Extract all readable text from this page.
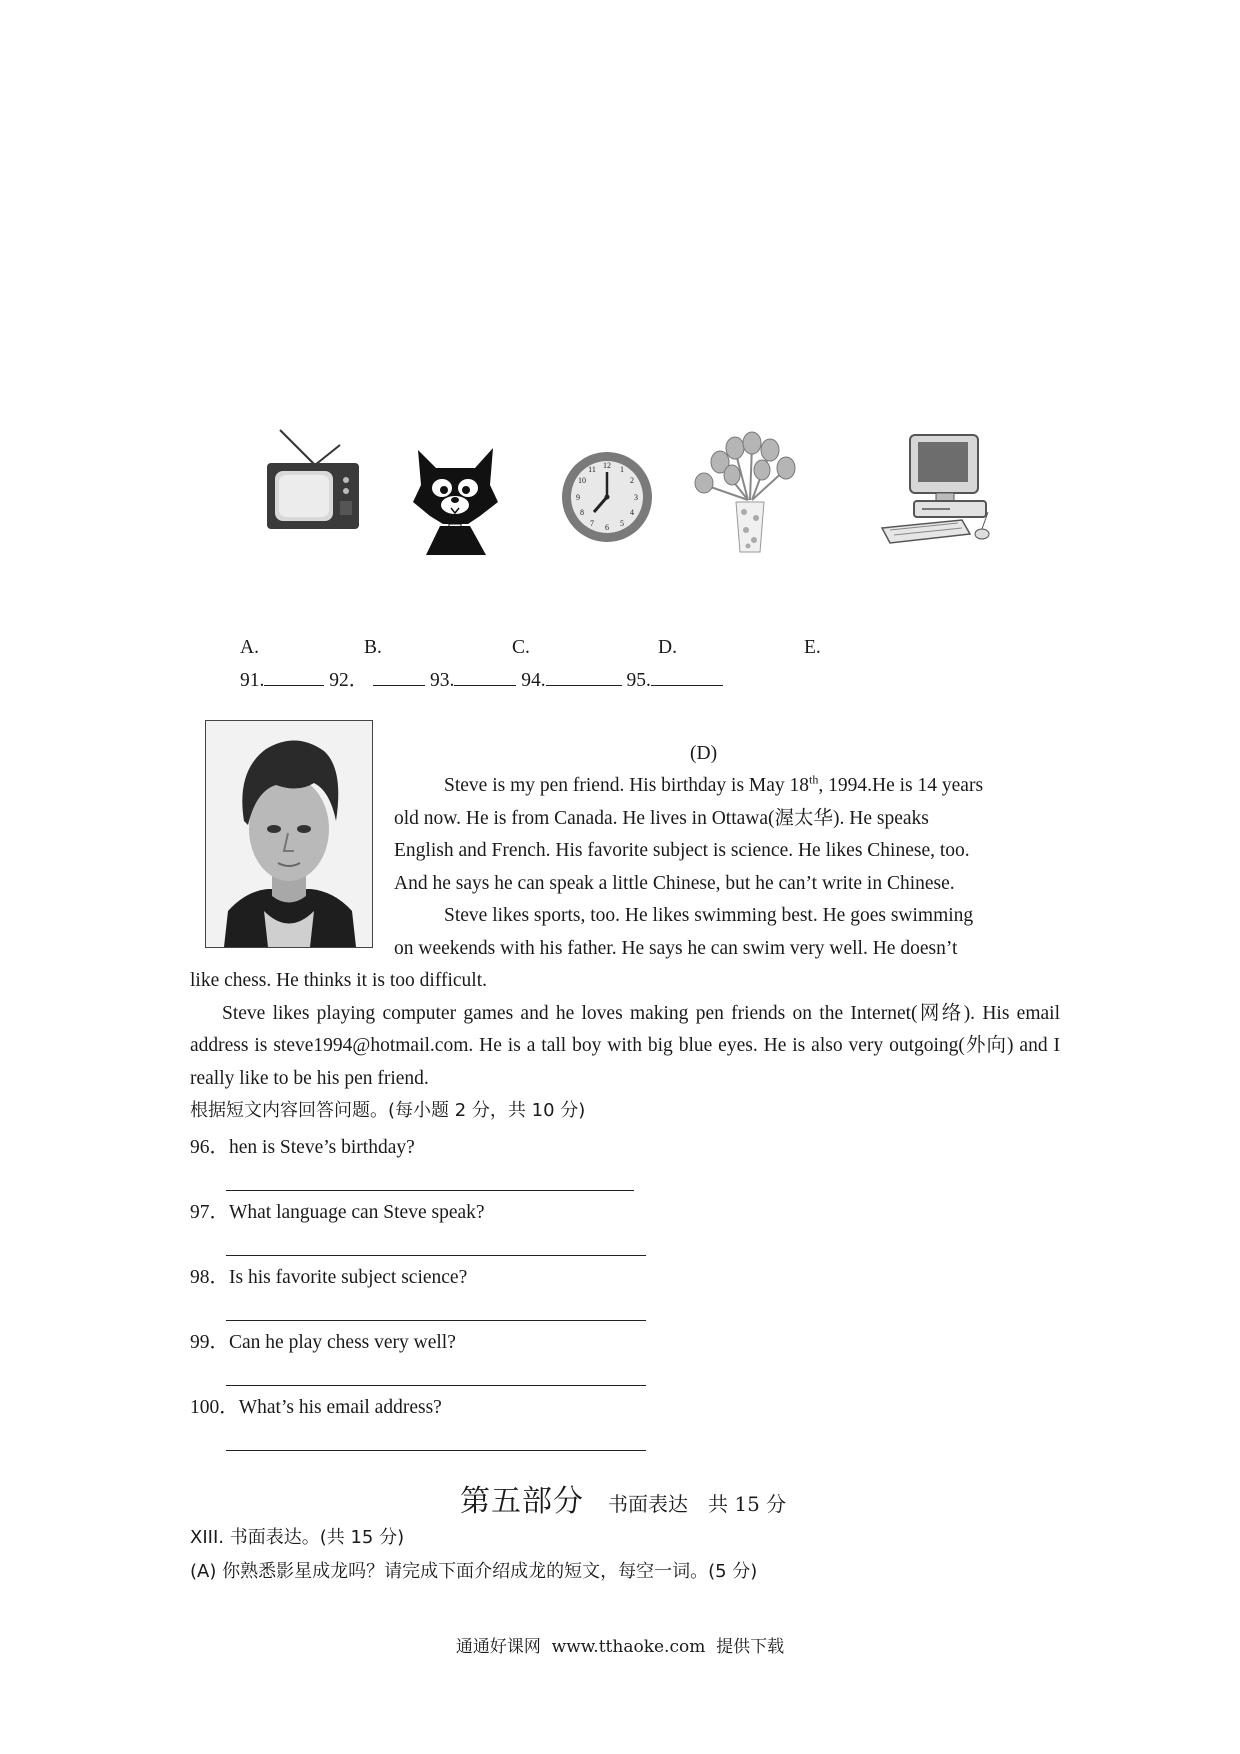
12 1
2
3
4
5
6
7
8
9
10
11
A.	B.	C.	D.	E.
91.	92．	93.	94.	95.
(D)

Steve is my pen friend. His birthday is May 18th, 1994.He is 14 years

old now. He is from Canada. He lives in Ottawa(渥太华). He speaks

English and French. His favorite subject is science. He likes Chinese, too.

And he says he can speak a little Chinese, but he can’t write in Chinese.

Steve likes sports, too. He likes swimming best. He goes swimming

on weekends with his father. He says he can swim very well. He doesn’t

like chess. He thinks it is too difficult.

Steve likes playing computer games and he loves making pen friends on the Internet(网络). His email address is steve1994@hotmail.com. He is a tall boy with big blue eyes. He is also very outgoing(外向) and I really like to be his pen friend.

根据短文内容回答问题。(每小题 2 分，共 10 分)

96．hen is Steve’s birthday?
97．What language can Steve speak?
98．Is his favorite subject science?
99．Can he play chess very well?
100．What’s his email address?
第五部分 书面表达　共 15 分
XIII. 书面表达。(共 15 分)
(A) 你熟悉影星成龙吗？请完成下面介绍成龙的短文，每空一词。(5 分)
通通好课网  www.tthaoke.com  提供下载
